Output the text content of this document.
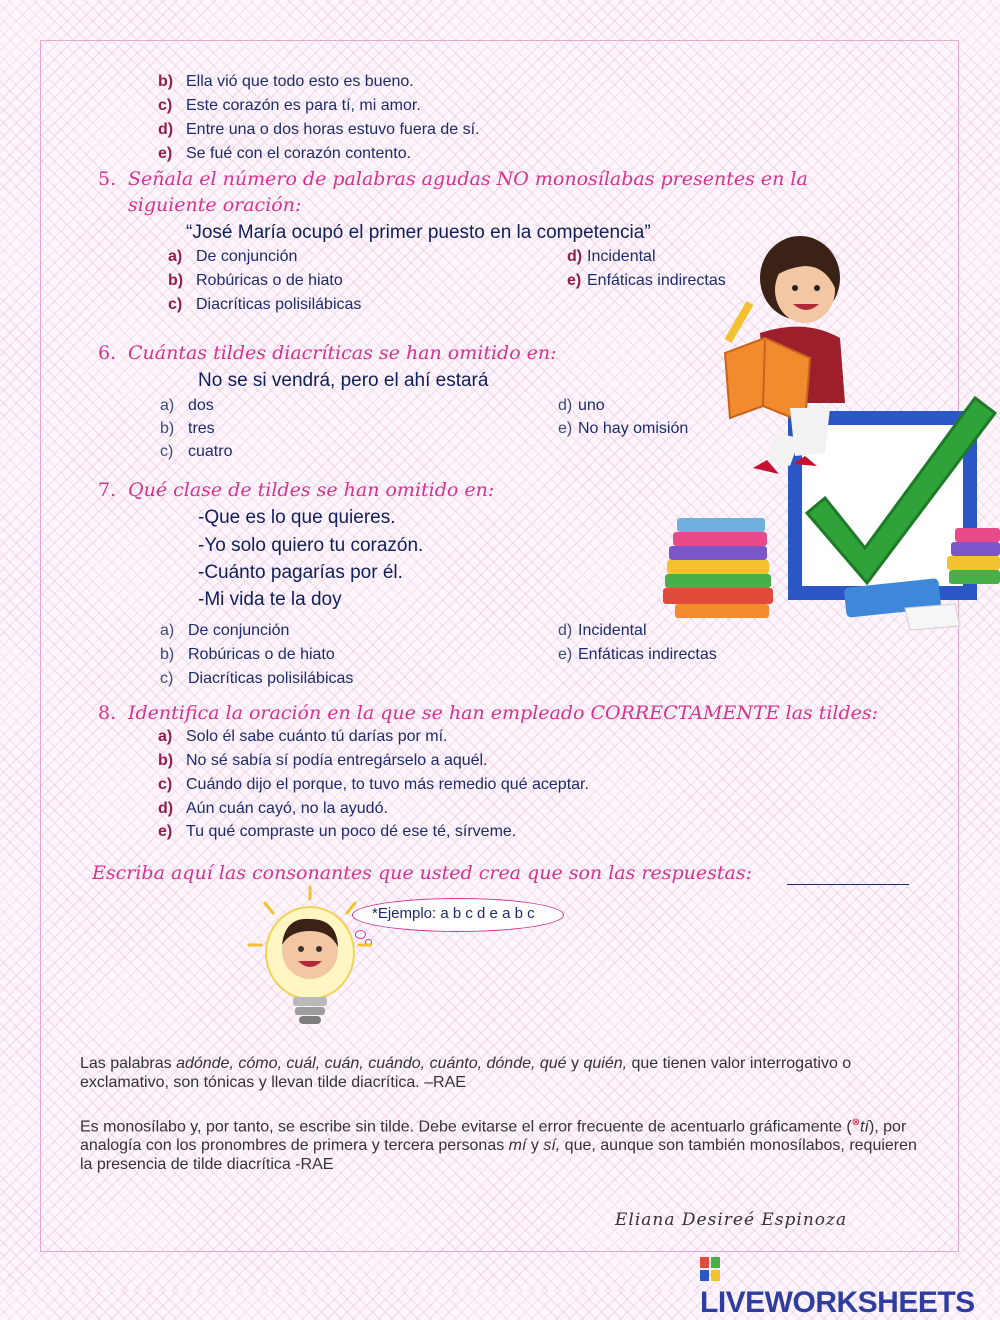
b) Ella vió que todo esto es bueno.
c) Este corazón es para tí, mi amor.
d) Entre una o dos horas estuvo fuera de sí.
e) Se fué con el corazón contento.
5. Señala el número de palabras agudas NO monosílabas presentes en la
siguiente oración:
“José María ocupó el primer puesto en la competencia”
a) De conjunción
b) Robúricas o de hiato
c) Diacríticas polisilábicas
d) Incidental
e) Enfáticas indirectas
6. Cuántas tildes diacríticas se han omitido en:
No se si vendrá, pero el ahí estará
a) dos
b) tres
c) cuatro
d) uno
e) No hay omisión
7. Qué clase de tildes se han omitido en:
-Que es lo que quieres.
-Yo solo quiero tu corazón.
-Cuánto pagarías por él.
-Mi vida te la doy
a) De conjunción
b) Robúricas o de hiato
c) Diacríticas polisilábicas
d) Incidental
e) Enfáticas indirectas
8. Identifica la oración en la que se han empleado CORRECTAMENTE las tildes:
a) Solo él sabe cuánto tú darías por mí.
b) No sé sabía sí podía entregárselo a aquél.
c) Cuándo dijo el porque, to tuvo más remedio qué aceptar.
d) Aún cuán cayó, no la ayudó.
e) Tu qué compraste un poco dé ese té, sírveme.
Escriba aquí las consonantes que usted crea que son las respuestas:
*Ejemplo: a b c d e a b c
Las palabras adónde, cómo, cuál, cuán, cuándo, cuánto, dónde, qué y quién, que tienen valor interrogativo o exclamativo, son tónicas y llevan tilde diacrítica. –RAE
Es monosílabo y, por tanto, se escribe sin tilde. Debe evitarse el error frecuente de acentuarlo gráficamente (⊗tí), por analogía con los pronombres de primera y tercera personas mí y sí, que, aunque son también monosílabos, requieren la presencia de tilde diacrítica -RAE
Eliana Desireé Espinoza
LIVEWORKSHEETS
